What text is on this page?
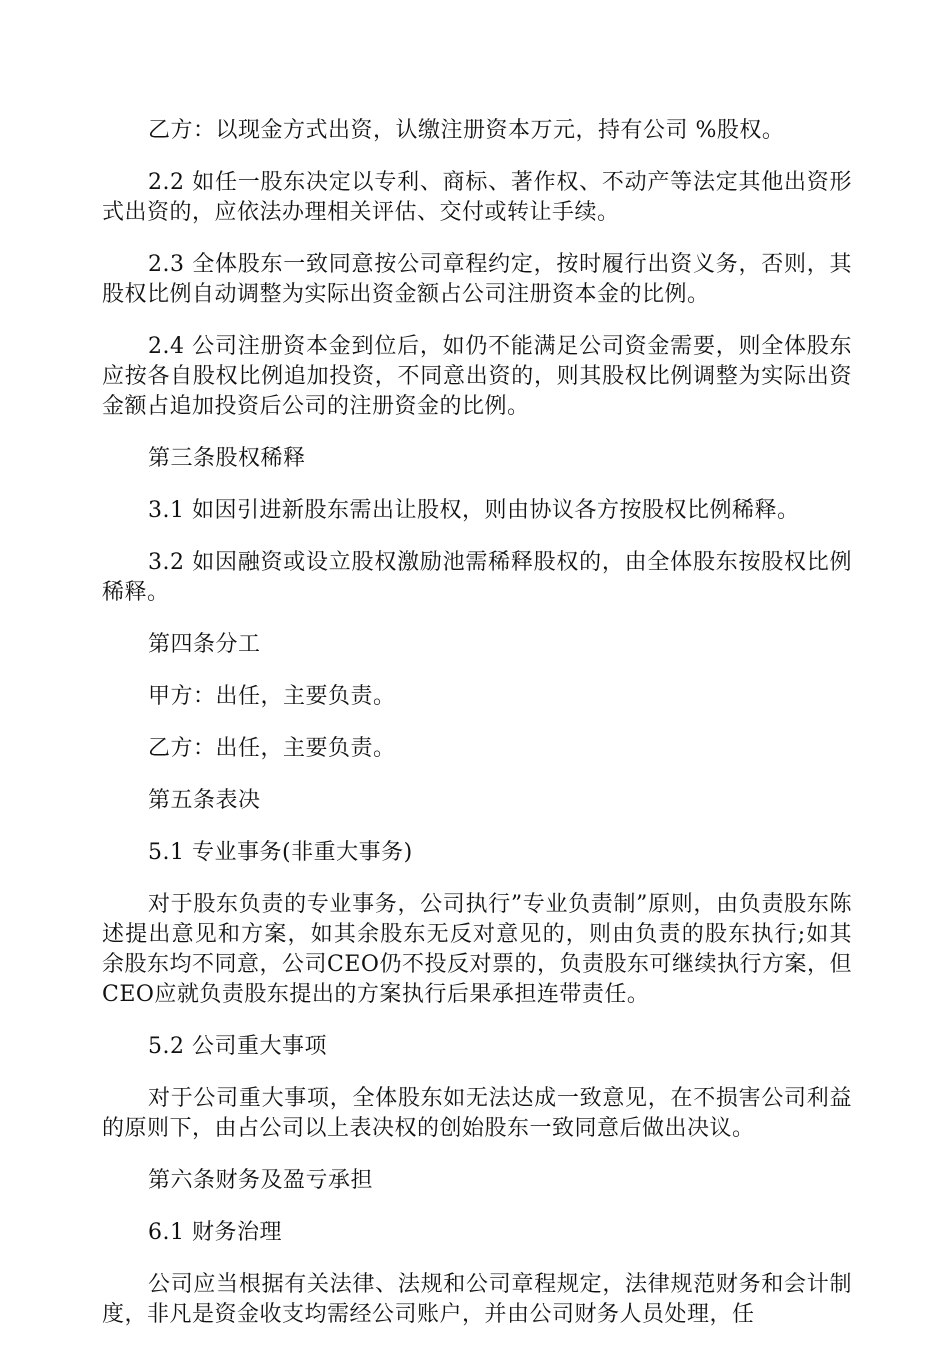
乙方：以现金方式出资，认缴注册资本万元，持有公司 %股权。

2.2 如任一股东决定以专利、商标、著作权、不动产等法定其他出资形式出资的，应依法办理相关评估、交付或转让手续。

2.3 全体股东一致同意按公司章程约定，按时履行出资义务，否则，其股权比例自动调整为实际出资金额占公司注册资本金的比例。

2.4 公司注册资本金到位后，如仍不能满足公司资金需要，则全体股东应按各自股权比例追加投资，不同意出资的，则其股权比例调整为实际出资金额占追加投资后公司的注册资金的比例。

第三条股权稀释

3.1 如因引进新股东需出让股权，则由协议各方按股权比例稀释。

3.2 如因融资或设立股权激励池需稀释股权的，由全体股东按股权比例稀释。

第四条分工

甲方：出任，主要负责。

乙方：出任，主要负责。

第五条表决

5.1 专业事务(非重大事务)

对于股东负责的专业事务，公司执行”专业负责制”原则，由负责股东陈述提出意见和方案，如其余股东无反对意见的，则由负责的股东执行;如其余股东均不同意，公司CEO仍不投反对票的，负责股东可继续执行方案，但CEO应就负责股东提出的方案执行后果承担连带责任。

5.2 公司重大事项

对于公司重大事项，全体股东如无法达成一致意见，在不损害公司利益的原则下，由占公司以上表决权的创始股东一致同意后做出决议。

第六条财务及盈亏承担

6.1 财务治理

公司应当根据有关法律、法规和公司章程规定，法律规范财务和会计制度，非凡是资金收支均需经公司账户，并由公司财务人员处理，任
